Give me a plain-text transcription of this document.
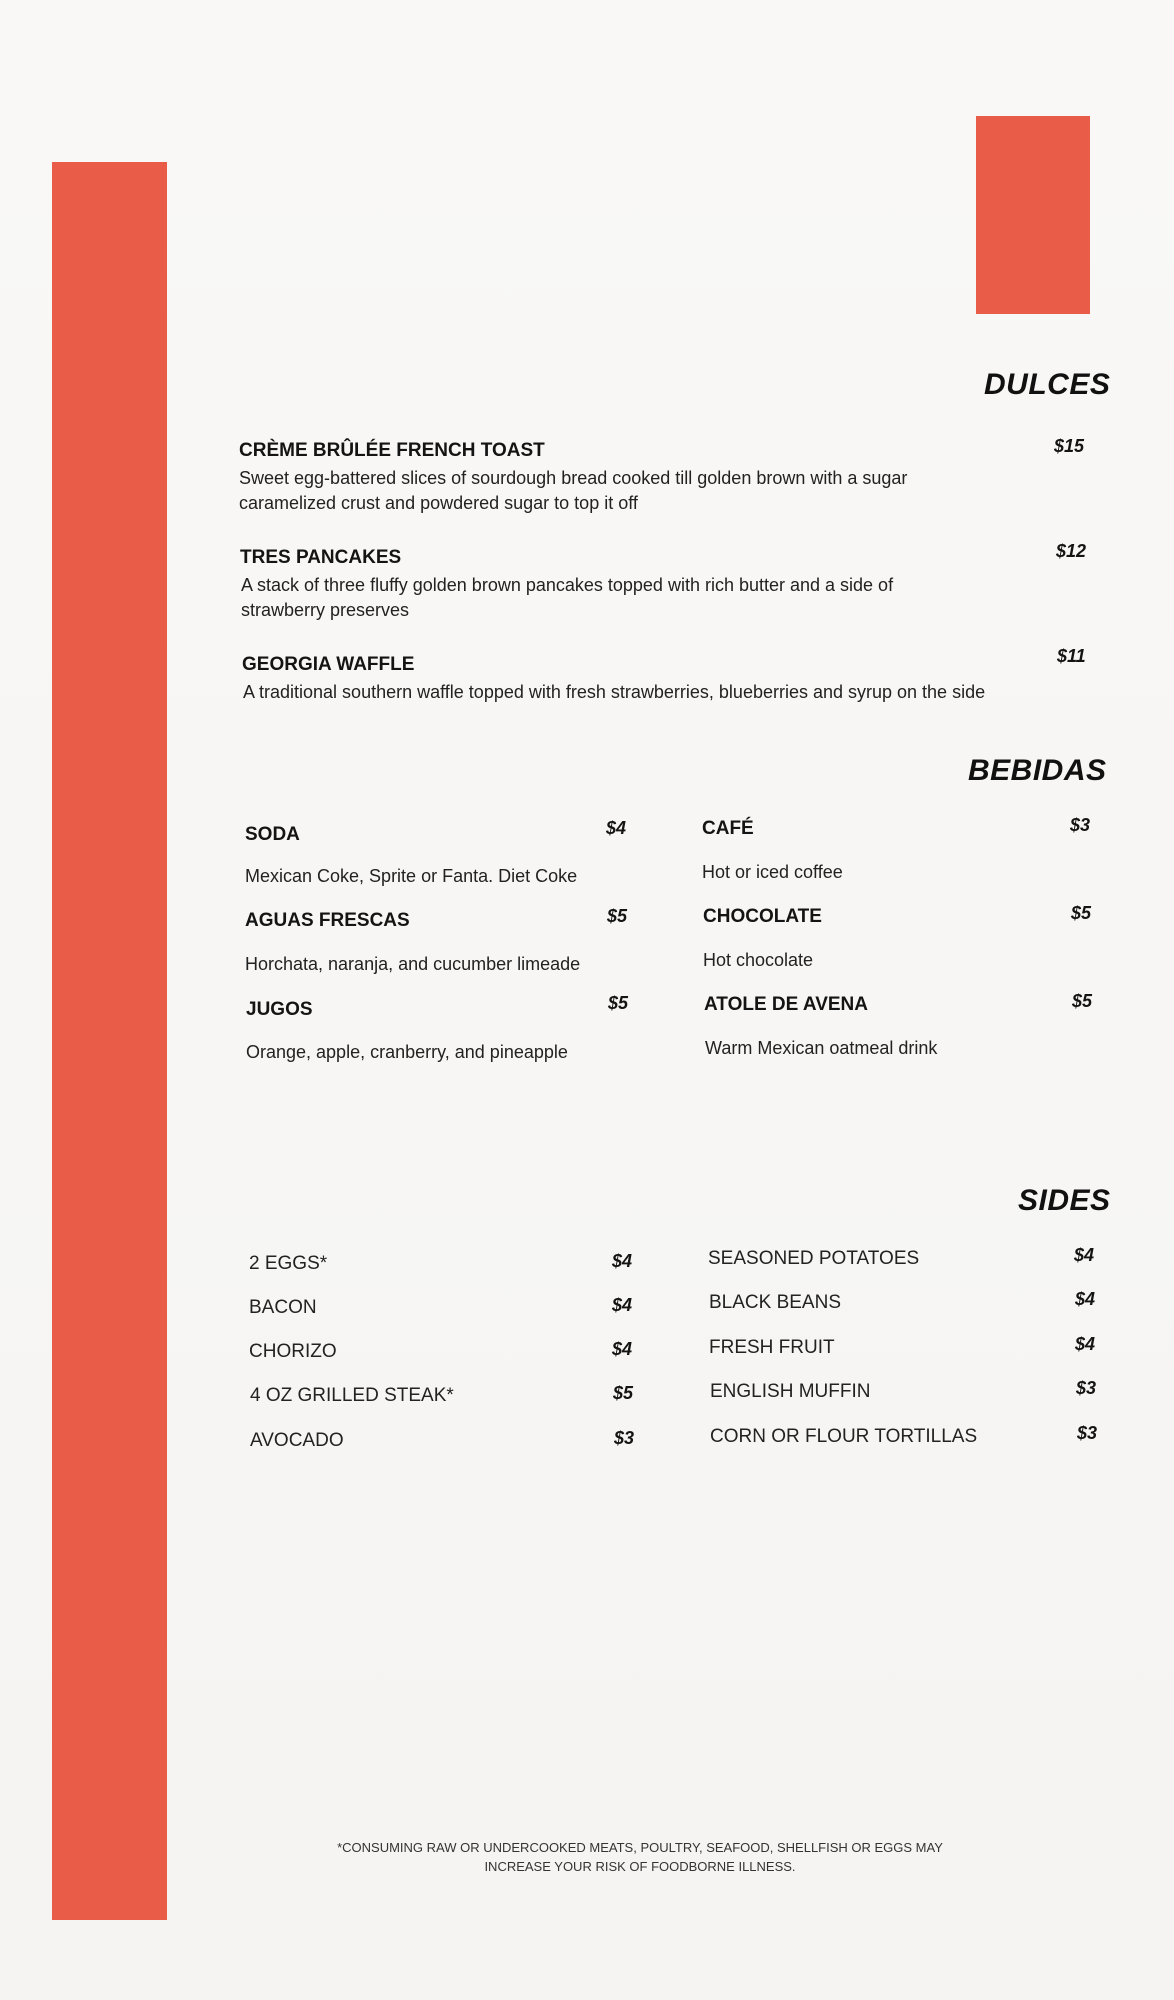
DULCES
CRÈME BRÛLÉE FRENCH TOAST	$15
Sweet egg-battered slices of sourdough bread cooked till golden brown with a sugar caramelized crust and powdered sugar to top it off
TRES PANCAKES	$12
A stack of three fluffy golden brown pancakes topped with rich butter and a side of strawberry preserves
GEORGIA WAFFLE	$11
A traditional southern waffle topped with fresh strawberries, blueberries and syrup on the side
BEBIDAS
SODA	$4
Mexican Coke, Sprite or Fanta. Diet Coke
AGUAS FRESCAS	$5
Horchata, naranja, and cucumber limeade
JUGOS	$5
Orange, apple, cranberry, and pineapple
CAFÉ	$3
Hot or iced coffee
CHOCOLATE	$5
Hot chocolate
ATOLE DE AVENA	$5
Warm Mexican oatmeal drink
SIDES
2 EGGS*	$4
BACON	$4
CHORIZO	$4
4 OZ GRILLED STEAK*	$5
AVOCADO	$3
SEASONED POTATOES	$4
BLACK BEANS	$4
FRESH FRUIT	$4
ENGLISH MUFFIN	$3
CORN OR FLOUR TORTILLAS	$3
*CONSUMING RAW OR UNDERCOOKED MEATS, POULTRY, SEAFOOD, SHELLFISH OR EGGS MAY
INCREASE YOUR RISK OF FOODBORNE ILLNESS.
